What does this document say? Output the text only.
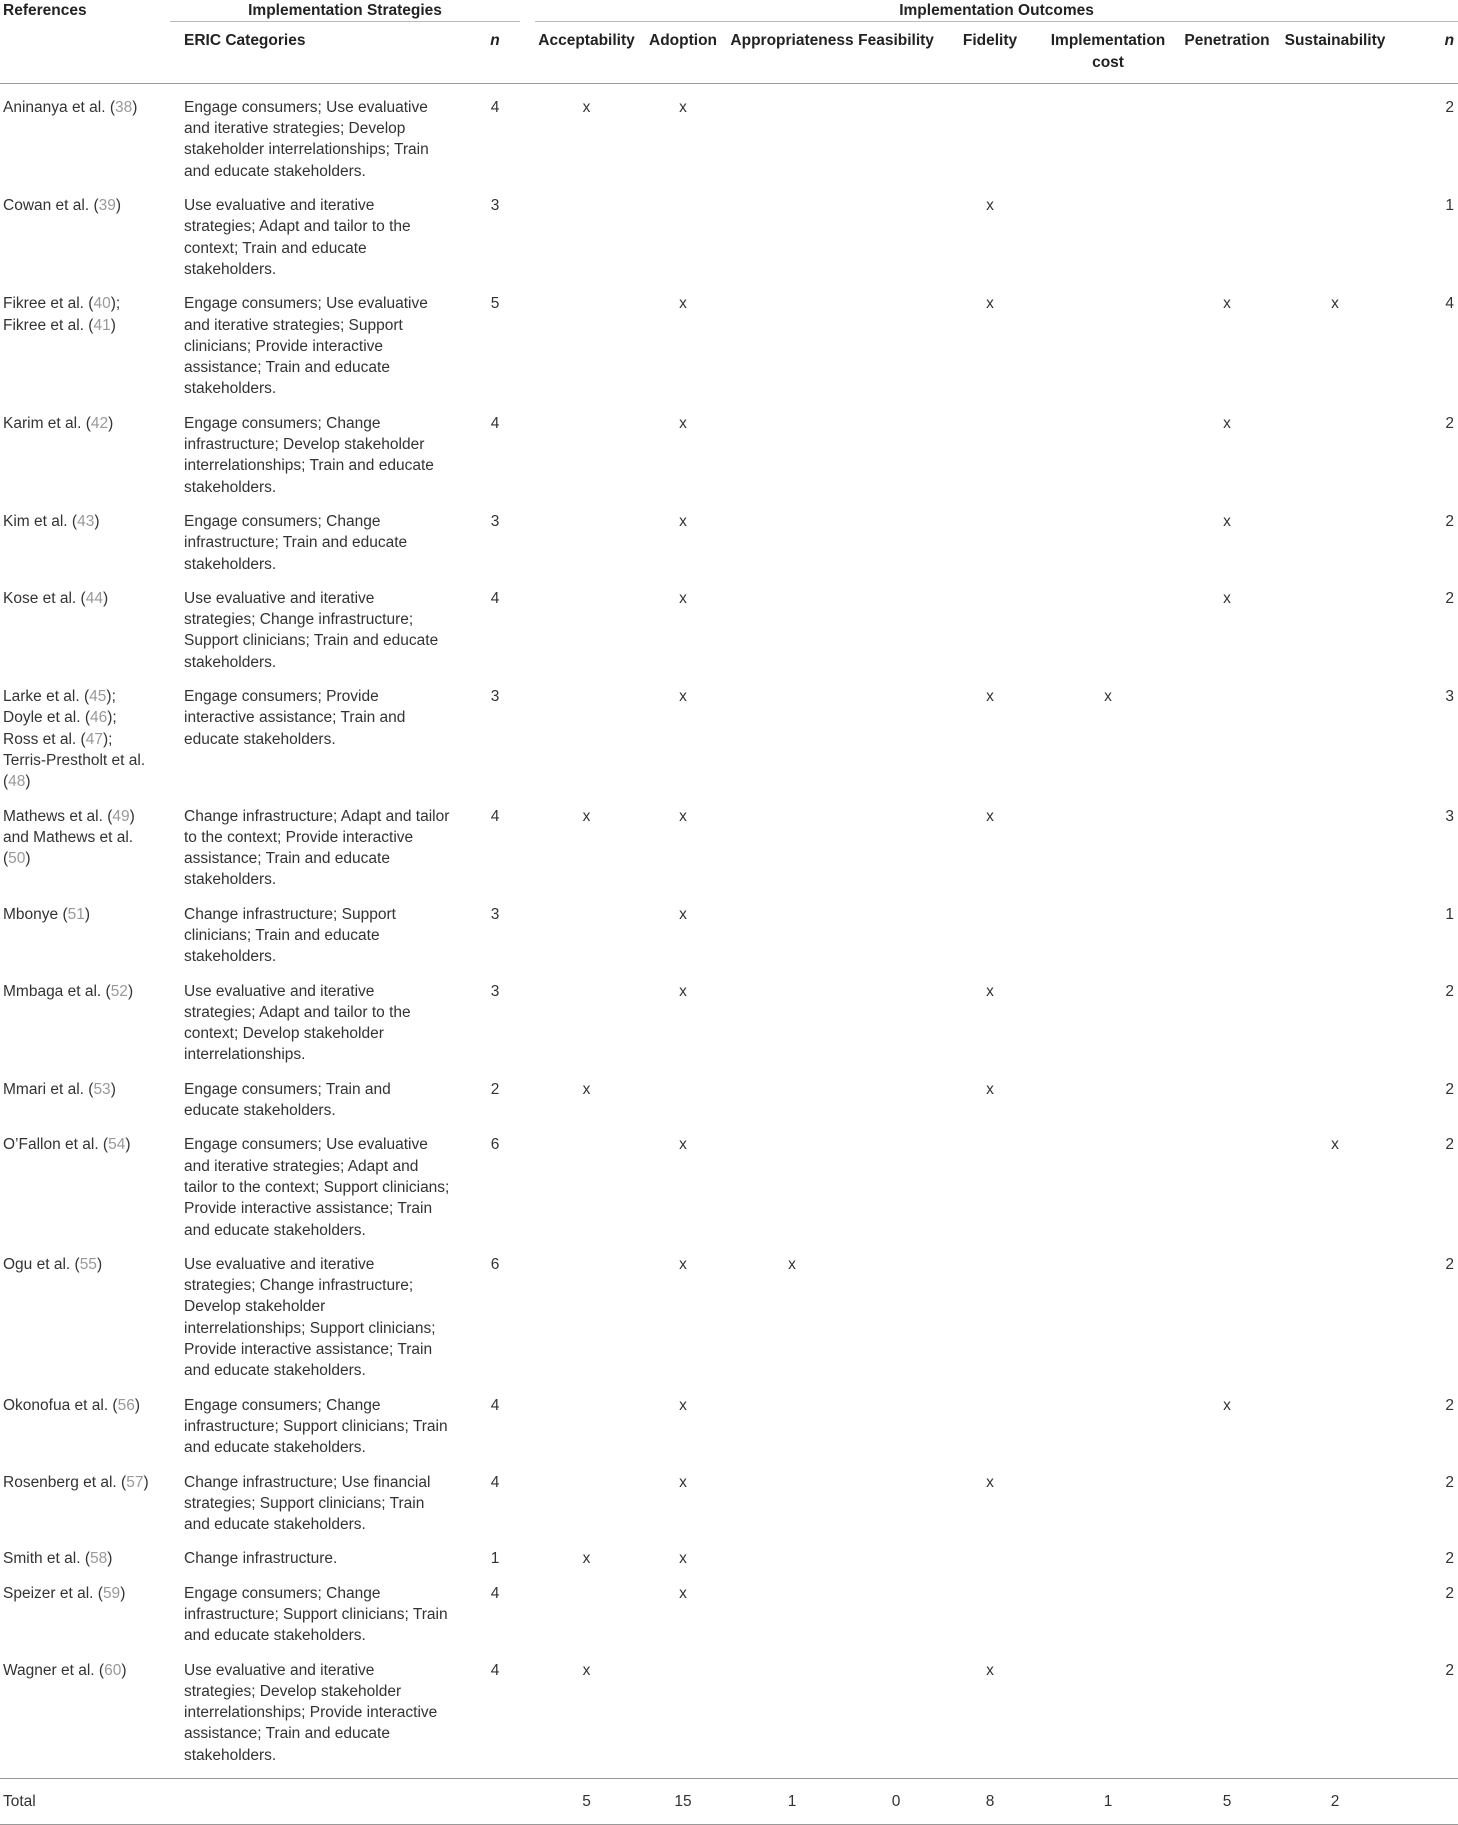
References	Implementation Strategies			Implementation Outcomes								
	ERIC Categories	n		Acceptability	Adoption	Appropriateness	Feasibility	Fidelity	Implementation cost	Penetration	Sustainability	n
Aninanya et al. (38)	Engage consumers; Use evaluative and iterative strategies; Develop stakeholder interrelationships; Train and educate stakeholders.	4		x	x							2
Cowan et al. (39)	Use evaluative and iterative strategies; Adapt and tailor to the context; Train and educate stakeholders.	3						x				1
Fikree et al. (40);
Fikree et al. (41)	Engage consumers; Use evaluative and iterative strategies; Support clinicians; Provide interactive assistance; Train and educate stakeholders.	5			x			x		x	x	4
Karim et al. (42)	Engage consumers; Change infrastructure; Develop stakeholder interrelationships; Train and educate stakeholders.	4			x					x		2
Kim et al. (43)	Engage consumers; Change infrastructure; Train and educate stakeholders.	3			x					x		2
Kose et al. (44)	Use evaluative and iterative strategies; Change infrastructure; Support clinicians; Train and educate stakeholders.	4			x					x		2
Larke et al. (45);
Doyle et al. (46);
Ross et al. (47);
Terris-Prestholt et al.
(48)	Engage consumers; Provide interactive assistance; Train and educate stakeholders.	3			x			x	x			3
Mathews et al. (49)
and Mathews et al.
(50)	Change infrastructure; Adapt and tailor to the context; Provide interactive assistance; Train and educate stakeholders.	4		x	x			x				3
Mbonye (51)	Change infrastructure; Support clinicians; Train and educate stakeholders.	3			x							1
Mmbaga et al. (52)	Use evaluative and iterative strategies; Adapt and tailor to the context; Develop stakeholder interrelationships.	3			x			x				2
Mmari et al. (53)	Engage consumers; Train and educate stakeholders.	2		x				x				2
O’Fallon et al. (54)	Engage consumers; Use evaluative and iterative strategies; Adapt and tailor to the context; Support clinicians; Provide interactive assistance; Train and educate stakeholders.	6			x						x	2
Ogu et al. (55)	Use evaluative and iterative strategies; Change infrastructure; Develop stakeholder interrelationships; Support clinicians; Provide interactive assistance; Train and educate stakeholders.	6			x	x						2
Okonofua et al. (56)	Engage consumers; Change infrastructure; Support clinicians; Train and educate stakeholders.	4			x					x		2
Rosenberg et al. (57)	Change infrastructure; Use financial strategies; Support clinicians; Train and educate stakeholders.	4			x			x				2
Smith et al. (58)	Change infrastructure.	1		x	x							2
Speizer et al. (59)	Engage consumers; Change infrastructure; Support clinicians; Train and educate stakeholders.	4			x							2
Wagner et al. (60)	Use evaluative and iterative strategies; Develop stakeholder interrelationships; Provide interactive assistance; Train and educate stakeholders.	4		x				x				2
Total				5	15	1	0	8	1	5	2	
